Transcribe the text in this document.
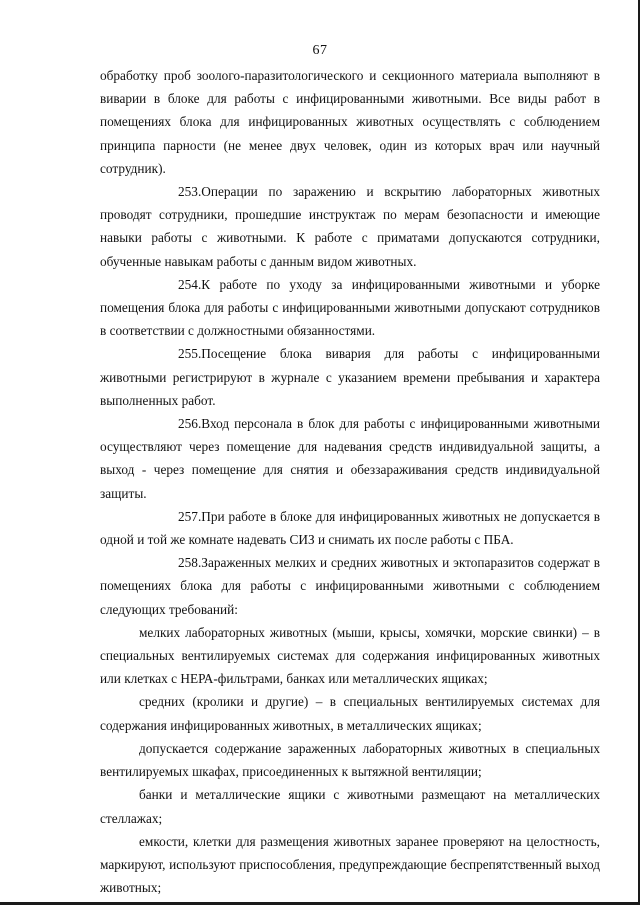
67

обработку проб зоолого-паразитологического и секционного материала выполняют в виварии в блоке для работы с инфицированными животными. Все виды работ в помещениях блока для инфицированных животных осуществлять с соблюдением принципа парности (не менее двух человек, один из которых врач или научный сотрудник).

253.Операции по заражению и вскрытию лабораторных животных проводят сотрудники, прошедшие инструктаж по мерам безопасности и имеющие навыки работы с животными. К работе с приматами допускаются сотрудники, обученные навыкам работы с данным видом животных.

254.К работе по уходу за инфицированными животными и уборке помещения блока для работы с инфицированными животными допускают сотрудников в соответствии с должностными обязанностями.

255.Посещение блока вивария для работы с инфицированными животными регистрируют в журнале с указанием времени пребывания и характера выполненных работ.

256.Вход персонала в блок для работы с инфицированными животными осуществляют через помещение для надевания средств индивидуальной защиты, а выход - через помещение для снятия и обеззараживания средств индивидуальной защиты.

257.При работе в блоке для инфицированных животных не допускается в одной и той же комнате надевать СИЗ и снимать их после работы с ПБА.

258.Зараженных мелких и средних животных и эктопаразитов содержат в помещениях блока для работы с инфицированными животными с соблюдением следующих требований:

мелких лабораторных животных (мыши, крысы, хомячки, морские свинки) – в специальных вентилируемых системах для содержания инфицированных животных или клетках с НЕРА-фильтрами, банках или металлических ящиках;

средних (кролики и другие) – в специальных вентилируемых системах для содержания инфицированных животных, в металлических ящиках;

допускается содержание зараженных лабораторных животных в специальных вентилируемых шкафах, присоединенных к вытяжной вентиляции;

банки и металлические ящики с животными размещают на металлических стеллажах;

емкости, клетки для размещения животных заранее проверяют на целостность, маркируют, используют приспособления, предупреждающие беспрепятственный выход животных;
